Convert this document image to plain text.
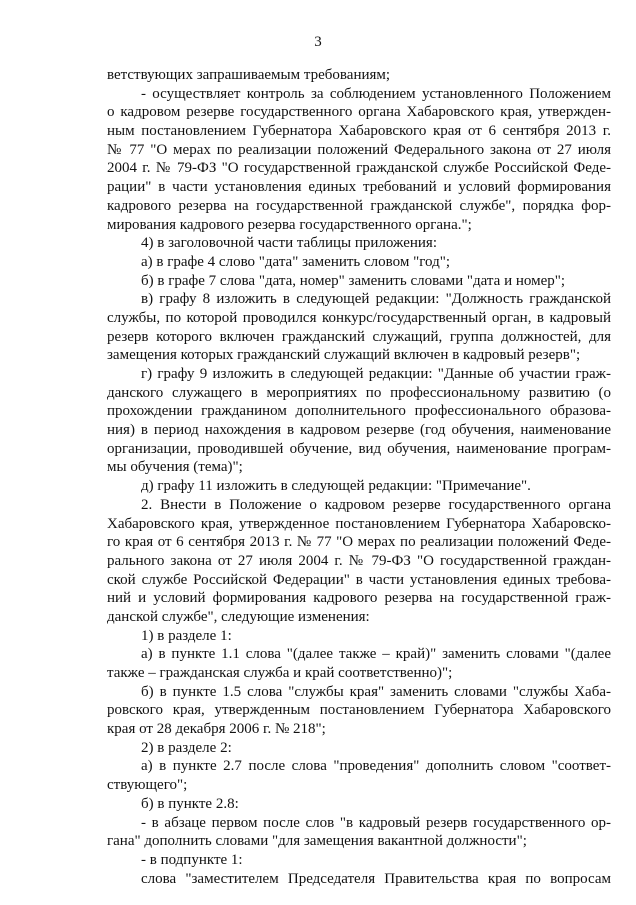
3
ветствующих запрашиваемым требованиям;
- осуществляет контроль за соблюдением установленного Положением
о кадровом резерве государственного органа Хабаровского края, утвержден-
ным постановлением Губернатора Хабаровского края от 6 сентября 2013 г.
№ 77 "О мерах по реализации положений Федерального закона от 27 июля
2004 г. № 79-ФЗ "О государственной гражданской службе Российской Феде-
рации" в части установления единых требований и условий формирования
кадрового резерва на государственной гражданской службе", порядка фор-
мирования кадрового резерва государственного органа.";
4) в заголовочной части таблицы приложения:
а) в графе 4 слово "дата" заменить словом "год";
б) в графе 7 слова "дата, номер" заменить словами "дата и номер";
в) графу 8 изложить в следующей редакции: "Должность гражданской
службы, по которой проводился конкурс/государственный орган, в кадровый
резерв которого включен гражданский служащий, группа должностей, для
замещения которых гражданский служащий включен в кадровый резерв";
г) графу 9 изложить в следующей редакции: "Данные об участии граж-
данского служащего в мероприятиях по профессиональному развитию (о
прохождении гражданином дополнительного профессионального образова-
ния) в период нахождения в кадровом резерве (год обучения, наименование
организации, проводившей обучение, вид обучения, наименование програм-
мы обучения (тема)";
д) графу 11 изложить в следующей редакции: "Примечание".
2. Внести в Положение о кадровом резерве государственного органа
Хабаровского края, утвержденное постановлением Губернатора Хабаровско-
го края от 6 сентября 2013 г. № 77 "О мерах по реализации положений Феде-
рального закона от 27 июля 2004 г. № 79-ФЗ "О государственной граждан-
ской службе Российской Федерации" в части установления единых требова-
ний и условий формирования кадрового резерва на государственной граж-
данской службе", следующие изменения:
1) в разделе 1:
а) в пункте 1.1 слова "(далее также – край)" заменить словами "(далее
также – гражданская служба и край соответственно)";
б) в пункте 1.5 слова "службы края" заменить словами "службы Хаба-
ровского края, утвержденным постановлением Губернатора Хабаровского
края от 28 декабря 2006 г. № 218";
2) в разделе 2:
а) в пункте 2.7 после слова "проведения" дополнить словом "соответ-
ствующего";
б) в пункте 2.8:
- в абзаце первом после слов "в кадровый резерв государственного ор-
гана" дополнить словами "для замещения вакантной должности";
- в подпункте 1:
слова "заместителем Председателя Правительства края по вопросам
